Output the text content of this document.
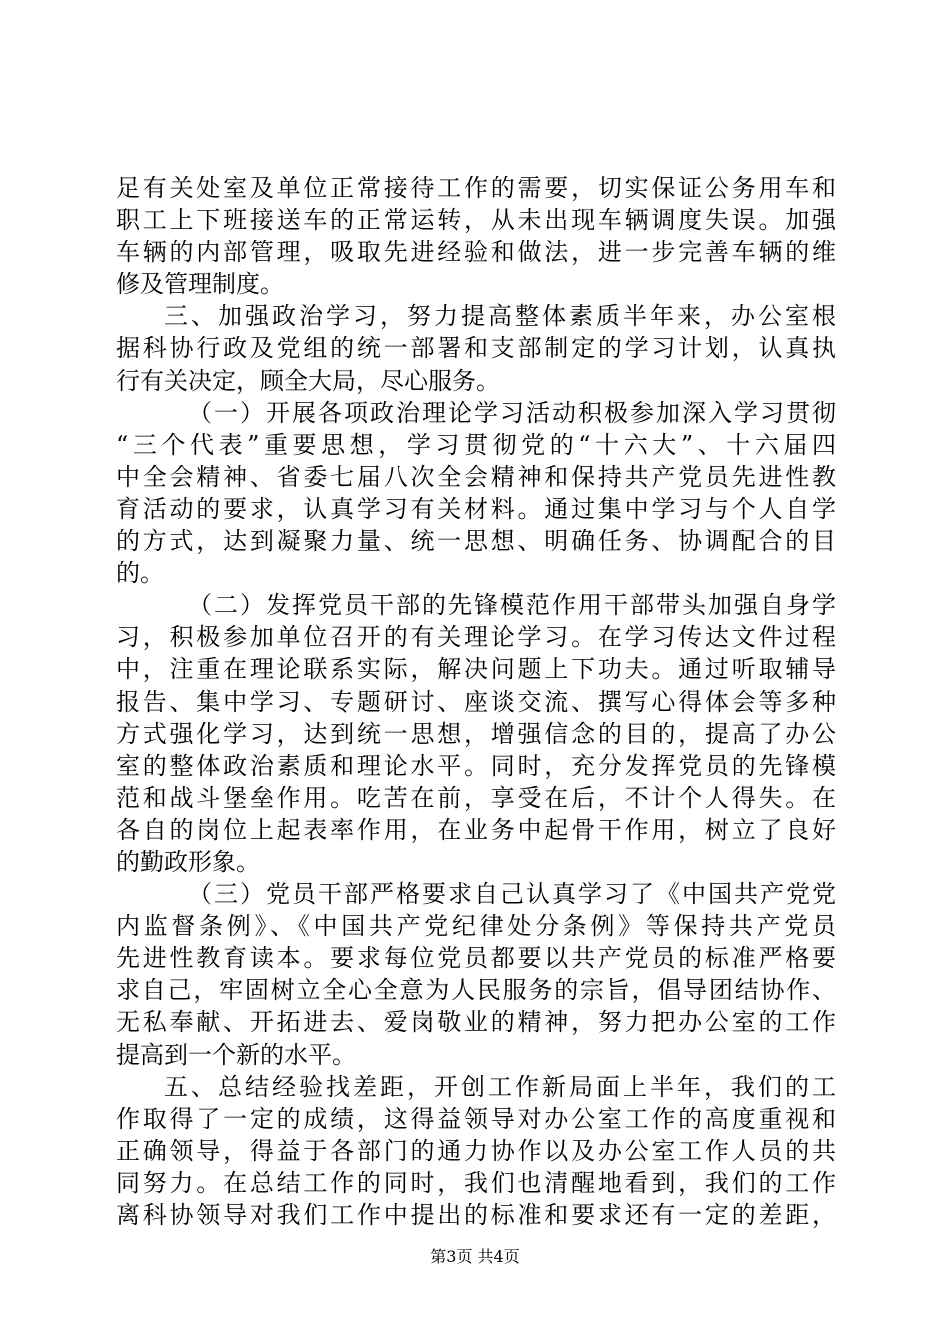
足有关处室及单位正常接待工作的需要，切实保证公务用车和
职工上下班接送车的正常运转，从未出现车辆调度失误。加强
车辆的内部管理，吸取先进经验和做法，进一步完善车辆的维
修及管理制度。
三、加强政治学习，努力提高整体素质半年来，办公室根
据科协行政及党组的统一部署和支部制定的学习计划，认真执
行有关决定，顾全大局，尽心服务。
（一）开展各项政治理论学习活动积极参加深入学习贯彻
“三个代表”重要思想，学习贯彻党的“十六大”、十六届四
中全会精神、省委七届八次全会精神和保持共产党员先进性教
育活动的要求，认真学习有关材料。通过集中学习与个人自学
的方式，达到凝聚力量、统一思想、明确任务、协调配合的目
的。
（二）发挥党员干部的先锋模范作用干部带头加强自身学
习，积极参加单位召开的有关理论学习。在学习传达文件过程
中，注重在理论联系实际，解决问题上下功夫。通过听取辅导
报告、集中学习、专题研讨、座谈交流、撰写心得体会等多种
方式强化学习，达到统一思想，增强信念的目的，提高了办公
室的整体政治素质和理论水平。同时，充分发挥党员的先锋模
范和战斗堡垒作用。吃苦在前，享受在后，不计个人得失。在
各自的岗位上起表率作用，在业务中起骨干作用，树立了良好
的勤政形象。
（三）党员干部严格要求自己认真学习了《中国共产党党
内监督条例》、《中国共产党纪律处分条例》等保持共产党员
先进性教育读本。要求每位党员都要以共产党员的标准严格要
求自己，牢固树立全心全意为人民服务的宗旨，倡导团结协作、
无私奉献、开拓进去、爱岗敬业的精神，努力把办公室的工作
提高到一个新的水平。
五、总结经验找差距，开创工作新局面上半年，我们的工
作取得了一定的成绩，这得益领导对办公室工作的高度重视和
正确领导，得益于各部门的通力协作以及办公室工作人员的共
同努力。在总结工作的同时，我们也清醒地看到，我们的工作
离科协领导对我们工作中提出的标准和要求还有一定的差距，
第3页 共4页
